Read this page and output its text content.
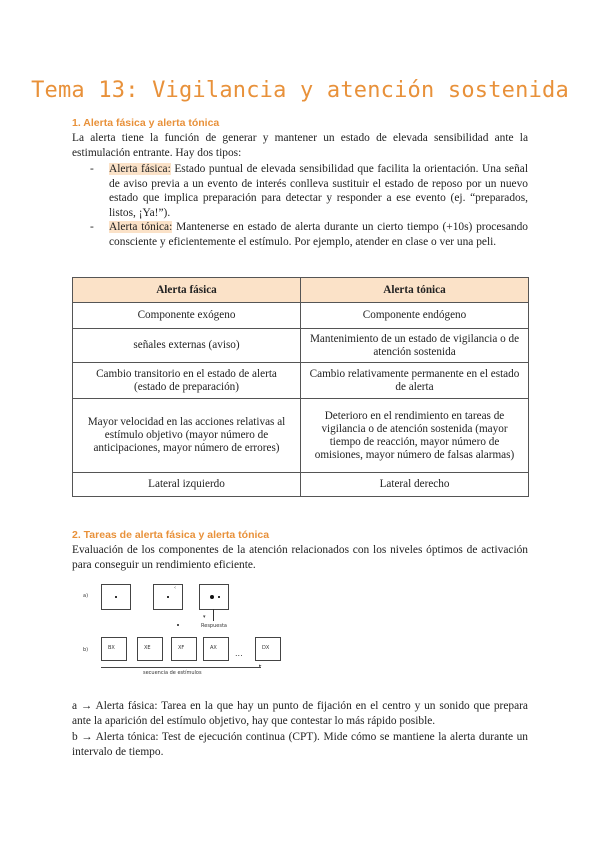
Tema 13: Vigilancia y atención sostenida
1. Alerta fásica y alerta tónica
La alerta tiene la función de generar y mantener un estado de elevada sensibilidad ante la estimulación entrante. Hay dos tipos:
- Alerta fásica: Estado puntual de elevada sensibilidad que facilita la orientación. Una señal de aviso previa a un evento de interés conlleva sustituir el estado de reposo por un nuevo estado que implica preparación para detectar y responder a ese evento (ej. “preparados, listos, ¡Ya!”).
- Alerta tónica: Mantenerse en estado de alerta durante un cierto tiempo (+10s) procesando consciente y eficientemente el estímulo. Por ejemplo, atender en clase o ver una peli.
Alerta fásica	Alerta tónica
Componente exógeno	Componente endógeno
señales externas (aviso)	Mantenimiento de un estado de vigilancia o de atención sostenida
Cambio transitorio en el estado de alerta (estado de preparación)	Cambio relativamente permanente en el estado de alerta
Mayor velocidad en las acciones relativas al estímulo objetivo (mayor número de anticipaciones, mayor número de errores)	Deterioro en el rendimiento en tareas de vigilancia o de atención sostenida (mayor tiempo de reacción, mayor número de omisiones, mayor número de falsas alarmas)
Lateral izquierdo	Lateral derecho
2. Tareas de alerta fásica y alerta tónica
Evaluación de los componentes de la atención relacionados con los niveles óptimos de activación para conseguir un rendimiento eficiente.
a)
‹
▾
Respuesta
b)	BX	XE	XF	AX
...
DX
▸
secuencia de estímulos
a → Alerta fásica: Tarea en la que hay un punto de fijación en el centro y un sonido que prepara ante la aparición del estímulo objetivo, hay que contestar lo más rápido posible.
b → Alerta tónica: Test de ejecución continua (CPT). Mide cómo se mantiene la alerta durante un intervalo de tiempo.
